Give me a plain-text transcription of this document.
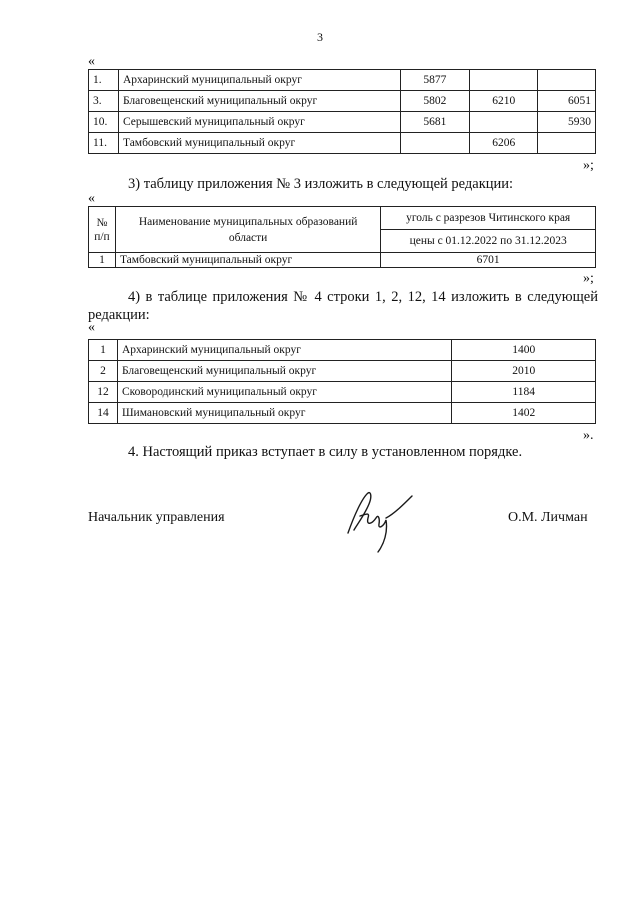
3
«
1.	Архаринский муниципальный округ	5877		
3.	Благовещенский муниципальный округ	5802	6210	6051
10.	Серышевский муниципальный округ	5681		5930
11.	Тамбовский муниципальный округ		6206	
»;
3) таблицу приложения № 3 изложить в следующей редакции:
«
№ п/п	Наименование муниципальных образований области	уголь с разрезов Читинского края
		цены с 01.12.2022 по 31.12.2023
1	Тамбовский муниципальный округ	6701
»;
4) в таблице приложения № 4 строки 1, 2, 12, 14 изложить в следующей редакции:
«
1	Архаринский муниципальный округ	1400
2	Благовещенский муниципальный округ	2010
12	Сковородинский муниципальный округ	1184
14	Шимановский муниципальный округ	1402
».
4. Настоящий приказ вступает в силу в установленном порядке.
Начальник управления	О.М. Личман
